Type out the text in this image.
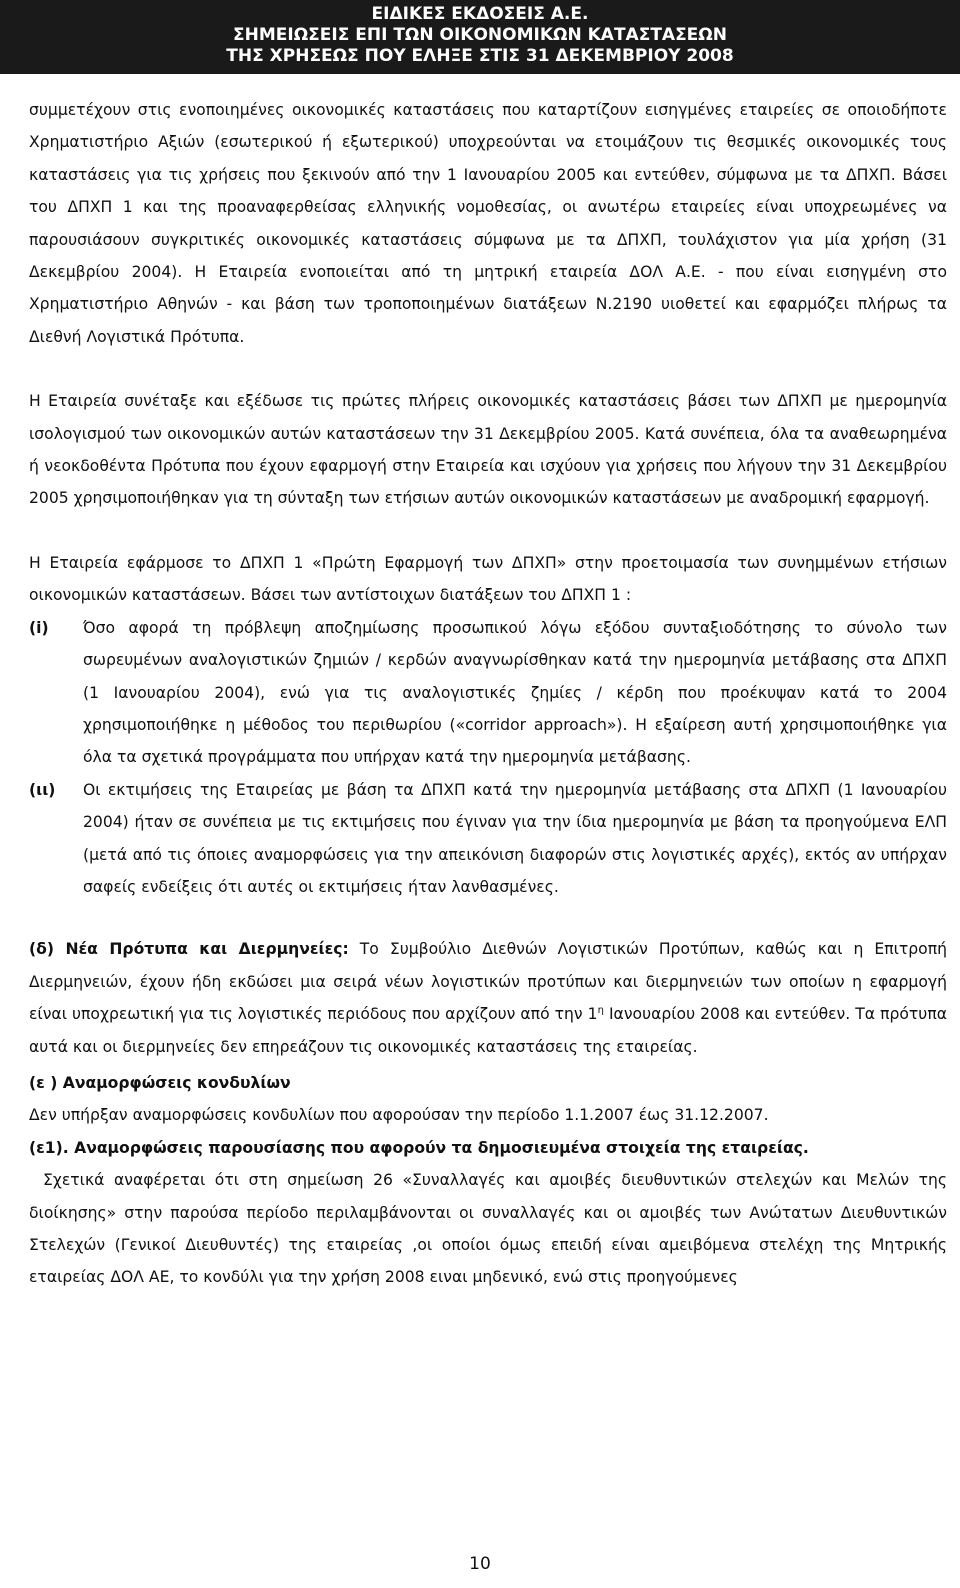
ΕΙΔΙΚΕΣ ΕΚΔΟΣΕΙΣ Α.Ε.
ΣΗΜΕΙΩΣΕΙΣ ΕΠΙ ΤΩΝ ΟΙΚΟΝΟΜΙΚΩΝ ΚΑΤΑΣΤΑΣΕΩΝ
ΤΗΣ ΧΡΗΣΕΩΣ ΠΟΥ ΕΛΗΞΕ ΣΤΙΣ 31 ΔΕΚΕΜΒΡΙΟΥ 2008

συμμετέχουν στις ενοποιημένες οικονομικές καταστάσεις που καταρτίζουν εισηγμένες εταιρείες σε οποιοδήποτε Χρηματιστήριο Αξιών (εσωτερικού ή εξωτερικού) υποχρεούνται να ετοιμάζουν τις θεσμικές οικονομικές τους καταστάσεις για τις χρήσεις που ξεκινούν από την 1 Ιανουαρίου 2005 και εντεύθεν, σύμφωνα με τα ΔΠΧΠ. Βάσει του ΔΠΧΠ 1 και της προαναφερθείσας ελληνικής νομοθεσίας, οι ανωτέρω εταιρείες είναι υποχρεωμένες να παρουσιάσουν συγκριτικές οικονομικές καταστάσεις σύμφωνα με τα ΔΠΧΠ, τουλάχιστον για μία χρήση (31 Δεκεμβρίου 2004). Η Εταιρεία ενοποιείται από τη μητρική εταιρεία ΔΟΛ Α.Ε. - που είναι εισηγμένη στο Χρηματιστήριο Αθηνών - και βάση των τροποποιημένων διατάξεων Ν.2190 υιοθετεί και εφαρμόζει πλήρως τα Διεθνή Λογιστικά Πρότυπα.

Η Εταιρεία συνέταξε και εξέδωσε τις πρώτες πλήρεις οικονομικές καταστάσεις βάσει των ΔΠΧΠ με ημερομηνία ισολογισμού των οικονομικών αυτών καταστάσεων την 31 Δεκεμβρίου 2005. Κατά συνέπεια, όλα τα αναθεωρημένα ή νεοκδοθέντα Πρότυπα που έχουν εφαρμογή στην Εταιρεία και ισχύουν για χρήσεις που λήγουν την 31 Δεκεμβρίου 2005 χρησιμοποιήθηκαν για τη σύνταξη των ετήσιων αυτών οικονομικών καταστάσεων με αναδρομική εφαρμογή.

Η Εταιρεία εφάρμοσε το ΔΠΧΠ 1 «Πρώτη Εφαρμογή των ΔΠΧΠ» στην προετοιμασία των συνημμένων ετήσιων οικονομικών καταστάσεων. Βάσει των αντίστοιχων διατάξεων του ΔΠΧΠ 1 :

(i)	Όσο αφορά τη πρόβλεψη αποζημίωσης προσωπικού λόγω εξόδου συνταξιοδότησης το σύνολο των σωρευμένων αναλογιστικών ζημιών / κερδών αναγνωρίσθηκαν κατά την ημερομηνία μετάβασης στα ΔΠΧΠ (1 Ιανουαρίου 2004), ενώ για τις αναλογιστικές ζημίες / κέρδη που προέκυψαν κατά το 2004 χρησιμοποιήθηκε η μέθοδος του περιθωρίου («corridor approach»). Η εξαίρεση αυτή χρησιμοποιήθηκε για όλα τα σχετικά προγράμματα που υπήρχαν κατά την ημερομηνία μετάβασης.
(ιι)	Οι εκτιμήσεις της Εταιρείας με βάση τα ΔΠΧΠ κατά την ημερομηνία μετάβασης στα ΔΠΧΠ (1 Ιανουαρίου 2004) ήταν σε συνέπεια με τις εκτιμήσεις που έγιναν για την ίδια ημερομηνία με βάση τα προηγούμενα ΕΛΠ (μετά από τις όποιες αναμορφώσεις για την απεικόνιση διαφορών στις λογιστικές αρχές), εκτός αν υπήρχαν σαφείς ενδείξεις ότι αυτές οι εκτιμήσεις ήταν λανθασμένες.

(δ) Νέα Πρότυπα και Διερμηνείες: Το Συμβούλιο Διεθνών Λογιστικών Προτύπων, καθώς και η Επιτροπή Διερμηνειών, έχουν ήδη εκδώσει μια σειρά νέων λογιστικών προτύπων και διερμηνειών των οποίων η εφαρμογή είναι υποχρεωτική για τις λογιστικές περιόδους που αρχίζουν από την $1^\eta$ Ιανουαρίου 2008 και εντεύθεν. Τα πρότυπα αυτά και οι διερμηνείες δεν επηρεάζουν τις οικονομικές καταστάσεις της εταιρείας.

(ε ) Αναμορφώσεις κονδυλίων

Δεν υπήρξαν αναμορφώσεις κονδυλίων που αφορούσαν την περίοδο 1.1.2007 έως 31.12.2007.

(ε1). Αναμορφώσεις παρουσίασης που αφορούν τα δημοσιευμένα στοιχεία της εταιρείας.

Σχετικά αναφέρεται ότι στη σημείωση 26 «Συναλλαγές και αμοιβές διευθυντικών στελεχών και Μελών της διοίκησης» στην παρούσα περίοδο περιλαμβάνονται οι συναλλαγές και οι αμοιβές των Ανώτατων Διευθυντικών Στελεχών (Γενικοί Διευθυντές) της εταιρείας ,οι οποίοι όμως επειδή είναι αμειβόμενα στελέχη της Μητρικής εταιρείας ΔΟΛ ΑΕ, το κονδύλι για την χρήση 2008 ειναι μηδενικό, ενώ στις προηγούμενες

10
